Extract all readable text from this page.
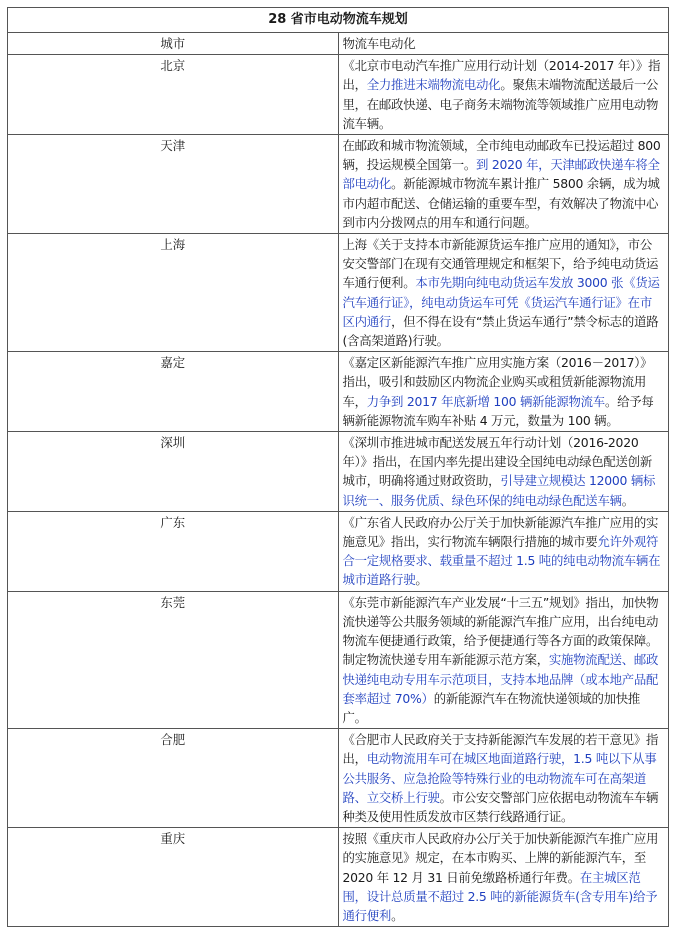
28 省市电动物流车规划	
城市	物流车电动化
北京	《北京市电动汽车推广应用行动计划（2014-2017 年）》指出，全力推进末端物流电动化。聚焦末端物流配送最后一公里，在邮政快递、电子商务末端物流等领域推广应用电动物流车辆。
天津	在邮政和城市物流领域，全市纯电动邮政车已投运超过 800 辆，投运规模全国第一。到 2020 年，天津邮政快递车将全部电动化。新能源城市物流车累计推广 5800 余辆，成为城市内超市配送、仓储运输的重要车型，有效解决了物流中心到市内分拨网点的用车和通行问题。
上海	上海《关于支持本市新能源货运车推广应用的通知》，市公安交警部门在现有交通管理规定和框架下，给予纯电动货运车通行便利。本市先期向纯电动货运车发放 3000 张《货运汽车通行证》，纯电动货运车可凭《货运汽车通行证》在市区内通行，但不得在设有“禁止货运车通行”禁令标志的道路(含高架道路)行驶。
嘉定	《嘉定区新能源汽车推广应用实施方案（2016－2017）》指出，吸引和鼓励区内物流企业购买或租赁新能源物流用车，力争到 2017 年底新增 100 辆新能源物流车。给予每辆新能源物流车购车补贴 4 万元，数量为 100 辆。
深圳	《深圳市推进城市配送发展五年行动计划（2016-2020 年）》指出，在国内率先提出建设全国纯电动绿色配送创新城市，明确将通过财政资助，引导建立规模达 12000 辆标识统一、服务优质、绿色环保的纯电动绿色配送车辆。
广东	《广东省人民政府办公厅关于加快新能源汽车推广应用的实施意见》指出，实行物流车辆限行措施的城市要允许外观符合一定规格要求、载重量不超过 1.5 吨的纯电动物流车辆在城市道路行驶。
东莞	《东莞市新能源汽车产业发展“十三五”规划》指出，加快物流快递等公共服务领域的新能源汽车推广应用，出台纯电动物流车便捷通行政策，给予便捷通行等各方面的政策保障。制定物流快递专用车新能源示范方案，实施物流配送、邮政快递纯电动专用车示范项目，支持本地品牌（或本地产品配套率超过 70%）的新能源汽车在物流快递领域的加快推广。
合肥	《合肥市人民政府关于支持新能源汽车发展的若干意见》指出，电动物流用车可在城区地面道路行驶，1.5 吨以下从事公共服务、应急抢险等特殊行业的电动物流车可在高架道路、立交桥上行驶。市公安交警部门应依据电动物流车车辆种类及使用性质发放市区禁行线路通行证。
重庆	按照《重庆市人民政府办公厅关于加快新能源汽车推广应用的实施意见》规定，在本市购买、上牌的新能源汽车，至 2020 年 12 月 31 日前免缴路桥通行年费。在主城区范围，设计总质量不超过 2.5 吨的新能源货车(含专用车)给予通行便利。
